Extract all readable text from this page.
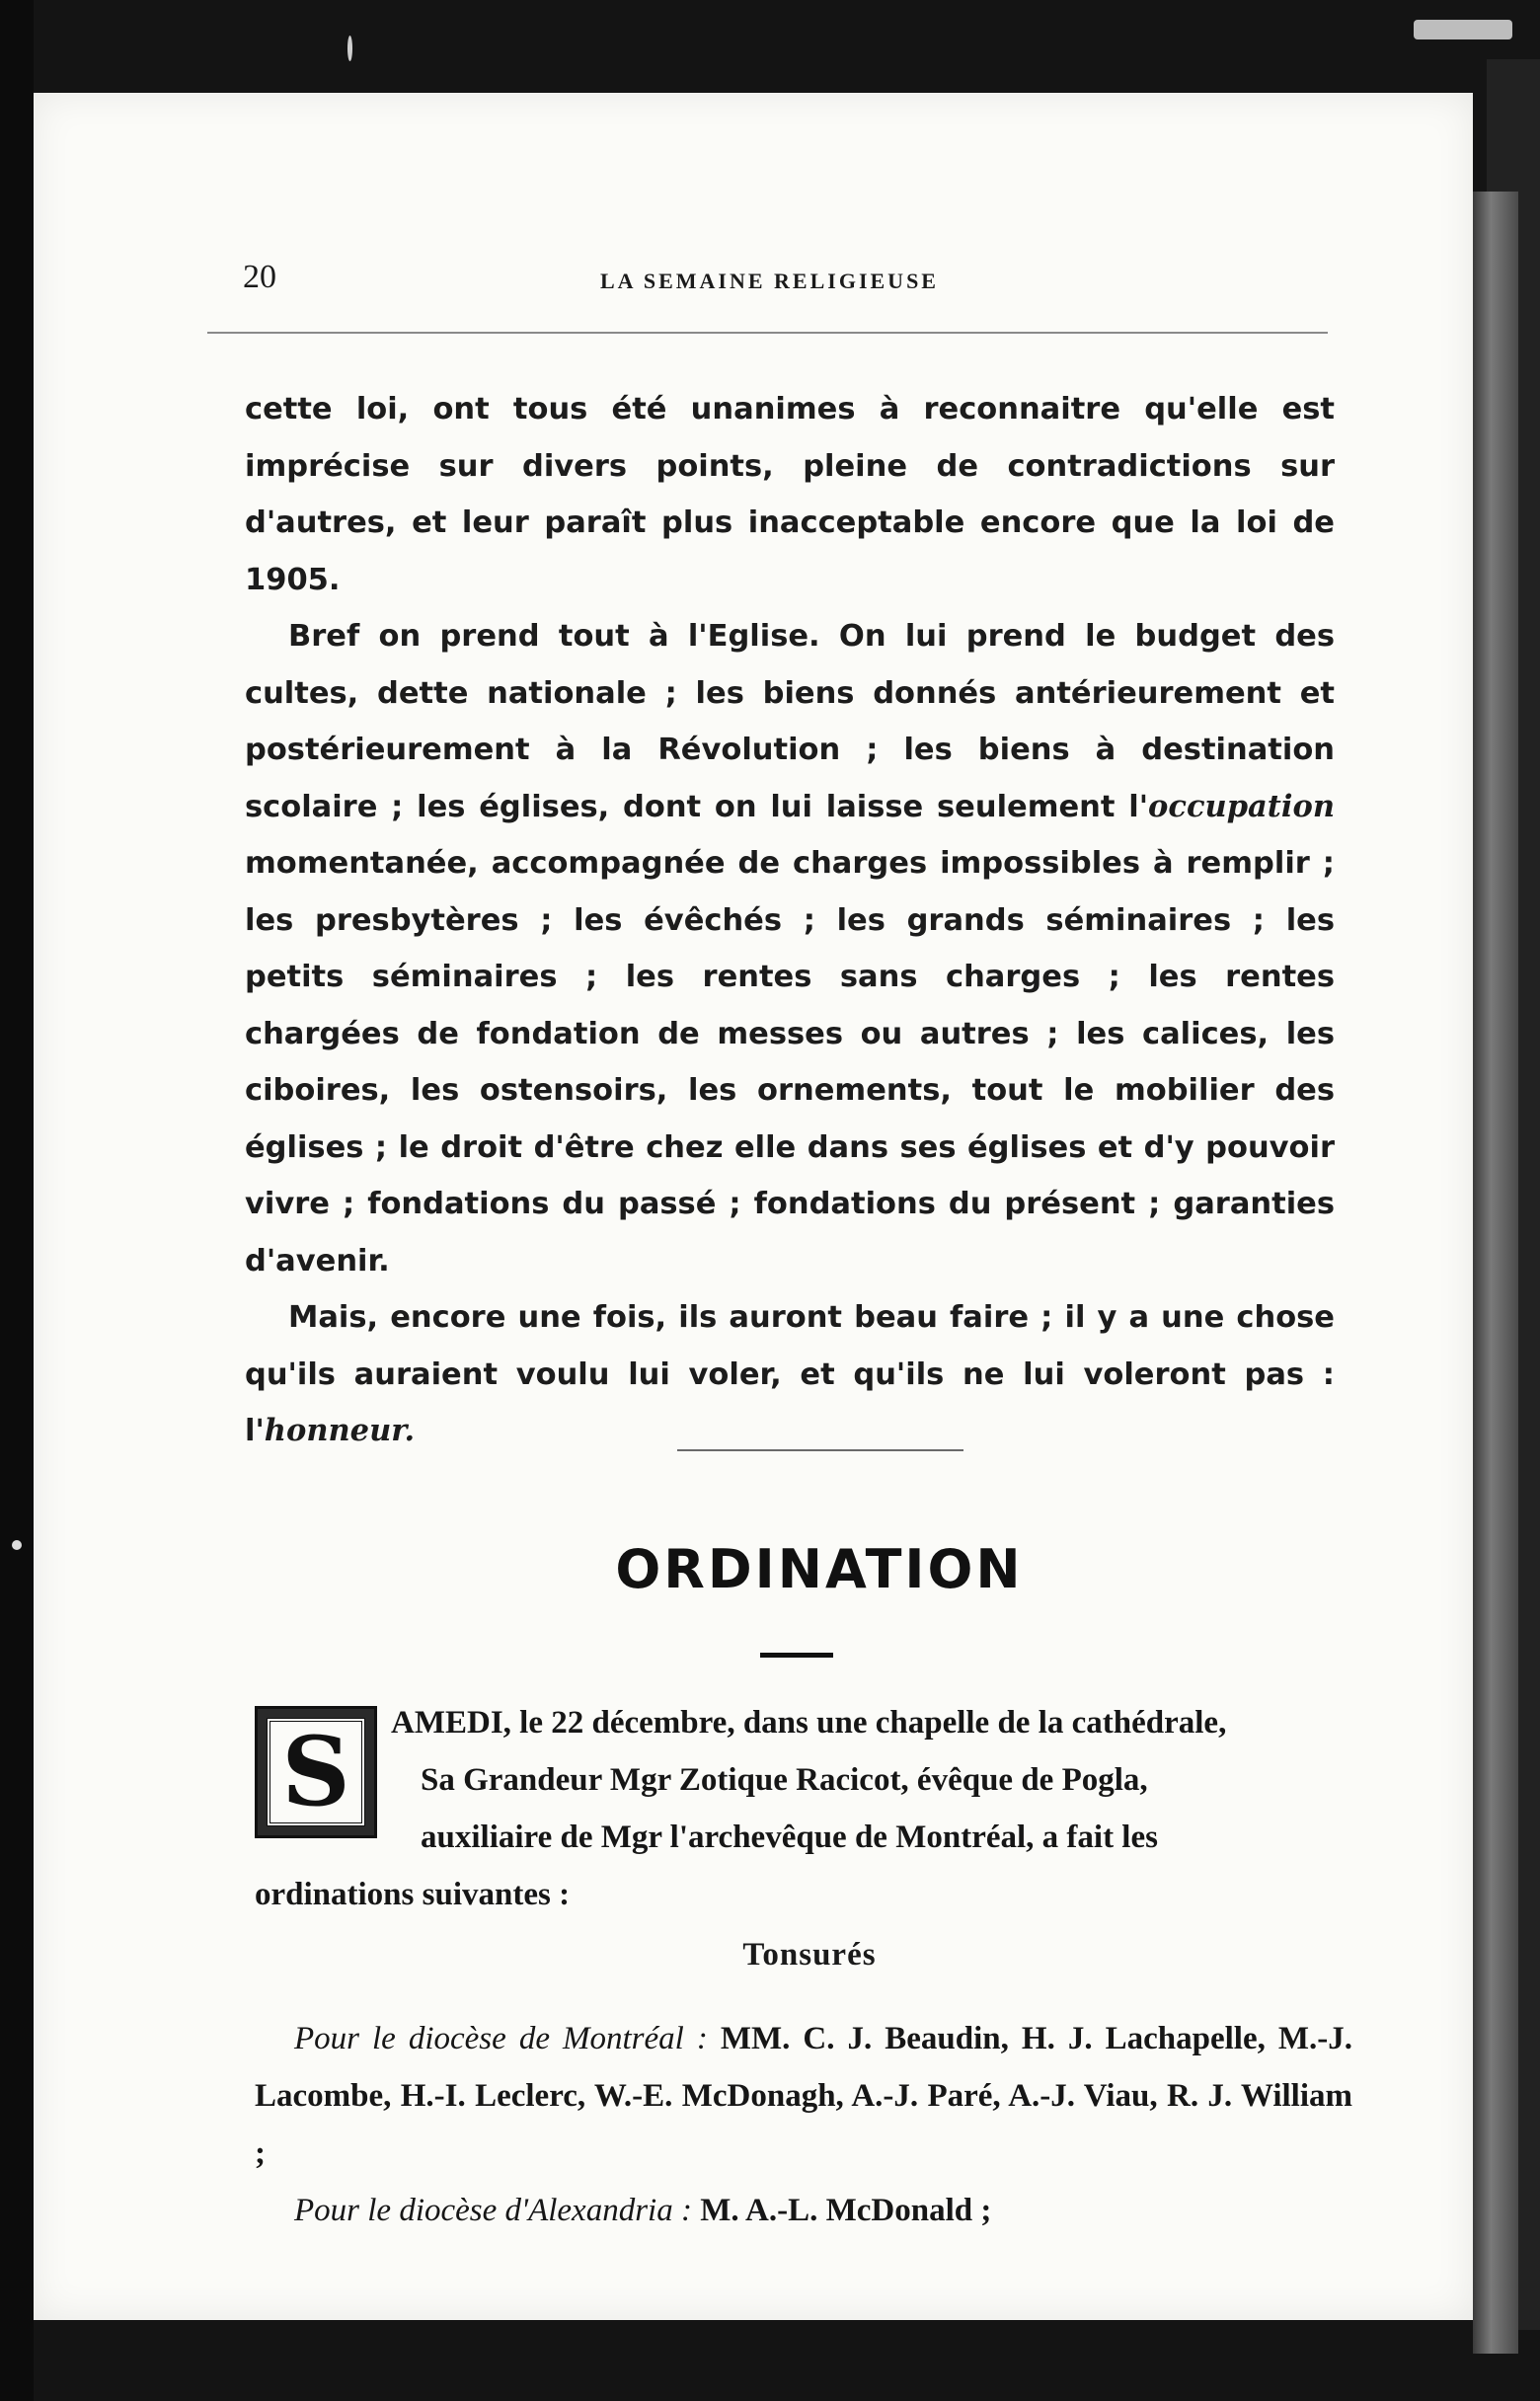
20	LA SEMAINE RELIGIEUSE

cette loi, ont tous été unanimes à reconnaitre qu'elle est imprécise sur divers points, pleine de contradictions sur d'autres, et leur paraît plus inacceptable encore que la loi de 1905.

Bref on prend tout à l'Eglise. On lui prend le budget des cultes, dette nationale ; les biens donnés antérieurement et postérieurement à la Révolution ; les biens à destination scolaire ; les églises, dont on lui laisse seulement l'occupation momentanée, accompagnée de charges impossibles à remplir ; les presbytères ; les évêchés ; les grands séminaires ; les petits séminaires ; les rentes sans charges ; les rentes chargées de fondation de messes ou autres ; les calices, les ciboires, les ostensoirs, les ornements, tout le mobilier des églises ; le droit d'être chez elle dans ses églises et d'y pouvoir vivre ; fondations du passé ; fondations du présent ; garanties d'avenir.

Mais, encore une fois, ils auront beau faire ; il y a une chose qu'ils auraient voulu lui voler, et qu'ils ne lui voleront pas : l'honneur.

ORDINATION
AMEDI, le 22 décembre, dans une chapelle de la cathédrale,
Sa Grandeur Mgr Zotique Racicot, évêque de Pogla,
auxiliaire de Mgr l'archevêque de Montréal, a fait les
ordinations suivantes :
S
Tonsurés

Pour le diocèse de Montréal : MM. C. J. Beaudin, H. J. Lachapelle, M.-J. Lacombe, H.-I. Leclerc, W.-E. McDonagh, A.-J. Paré, A.-J. Viau, R. J. William ;

Pour le diocèse d'Alexandria : M. A.-L. McDonald ;
